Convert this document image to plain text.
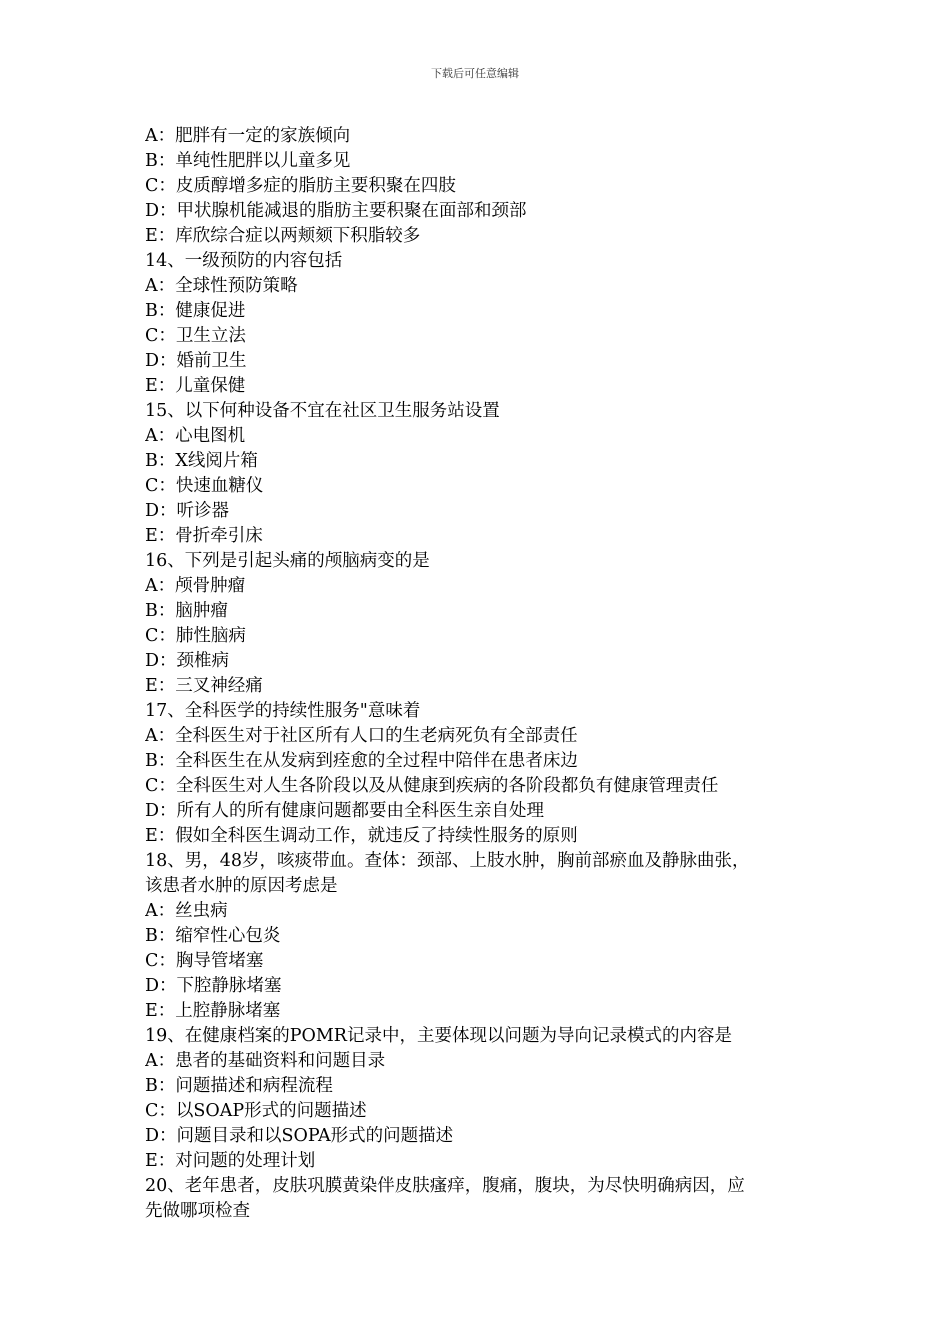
下载后可任意编辑
A：肥胖有一定的家族倾向
B：单纯性肥胖以儿童多见
C：皮质醇增多症的脂肪主要积聚在四肢
D：甲状腺机能减退的脂肪主要积聚在面部和颈部
E：库欣综合症以两颊颏下积脂较多
14、一级预防的内容包括
A：全球性预防策略
B：健康促进
C：卫生立法
D：婚前卫生
E：儿童保健
15、以下何种设备不宜在社区卫生服务站设置
A：心电图机
B：X线阅片箱
C：快速血糖仪
D：听诊器
E：骨折牵引床
16、下列是引起头痛的颅脑病变的是
A：颅骨肿瘤
B：脑肿瘤
C：肺性脑病
D：颈椎病
E：三叉神经痛
17、全科医学的持续性服务"意味着
A：全科医生对于社区所有人口的生老病死负有全部责任
B：全科医生在从发病到痊愈的全过程中陪伴在患者床边
C：全科医生对人生各阶段以及从健康到疾病的各阶段都负有健康管理责任
D：所有人的所有健康问题都要由全科医生亲自处理
E：假如全科医生调动工作，就违反了持续性服务的原则
18、男，48岁，咳痰带血。查体：颈部、上肢水肿，胸前部瘀血及静脉曲张，
该患者水肿的原因考虑是
A：丝虫病
B：缩窄性心包炎
C：胸导管堵塞
D：下腔静脉堵塞
E：上腔静脉堵塞
19、在健康档案的POMR记录中，主要体现以问题为导向记录模式的内容是
A：患者的基础资料和问题目录
B：问题描述和病程流程
C：以SOAP形式的问题描述
D：问题目录和以SOPA形式的问题描述
E：对问题的处理计划
20、老年患者，皮肤巩膜黄染伴皮肤瘙痒，腹痛，腹块，为尽快明确病因，应
先做哪项检查
